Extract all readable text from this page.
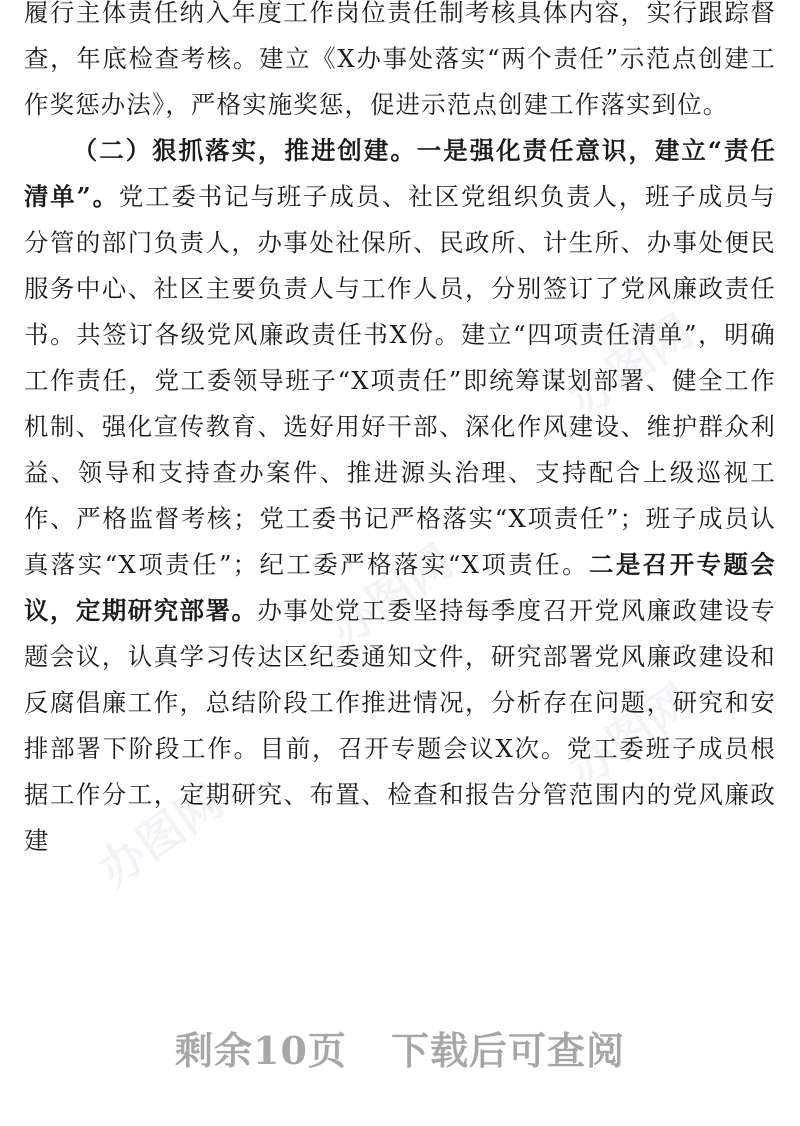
办图网
办图网
办图网
办图网

履行主体责任纳入年度工作岗位责任制考核具体内容，实行跟踪督查，年底检查考核。建立《X办事处落实“两个责任”示范点创建工作奖惩办法》，严格实施奖惩，促进示范点创建工作落实到位。

（二）狠抓落实，推进创建。一是强化责任意识，建立“责任清单”。党工委书记与班子成员、社区党组织负责人，班子成员与分管的部门负责人，办事处社保所、民政所、计生所、办事处便民服务中心、社区主要负责人与工作人员，分别签订了党风廉政责任书。共签订各级党风廉政责任书X份。建立“四项责任清单”，明确工作责任，党工委领导班子“X项责任”即统筹谋划部署、健全工作机制、强化宣传教育、选好用好干部、深化作风建设、维护群众利益、领导和支持查办案件、推进源头治理、支持配合上级巡视工作、严格监督考核；党工委书记严格落实“X项责任”；班子成员认真落实“X项责任”；纪工委严格落实“X项责任。二是召开专题会议，定期研究部署。办事处党工委坚持每季度召开党风廉政建设专题会议，认真学习传达区纪委通知文件，研究部署党风廉政建设和反腐倡廉工作，总结阶段工作推进情况，分析存在问题，研究和安排部署下阶段工作。目前，召开专题会议X次。党工委班子成员根据工作分工，定期研究、布置、检查和报告分管范围内的党风廉政建

剩余10页 下载后可查阅
